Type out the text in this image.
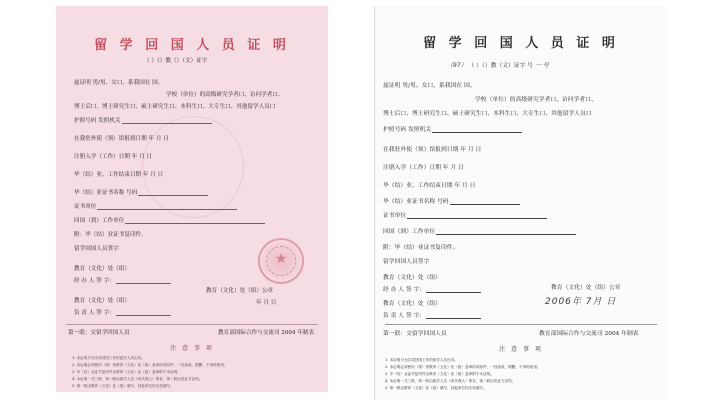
留 学 回 国 人 员 证 明
（ ）（）教（）（文）证字
兹证明 男/男、女口、系我国在 国、
学校（单位）的高级研究学者口、访问学者口、
博士后口、博士研究生口、硕士研究生口、本科生口、大专生口、其他留学人员口
护照号码 发照机关
在我驻外使（领）馆报到日期 年 月 日
注册入学（工作）日期 年 月 日
毕（结）业、工作结束日期 年 月 日
毕（结）业证书名称 号码
证书单位
回国（到）工作单位
附：毕（结）业证书复印件。
留学回国人员签字
教育（文化）处（组）
经 办 人 签 字：
教育（文化）处（组）公章
教育（文化）处（组）	年 月 日
负 责 人 签 字：
★
第一联：交留学回国人员	教育部国际合作与交流司 2004 年制表
注 意 事 项
1. 本证明只为学成回国工作的留学人员出具。
2. 本证明必须使用（领）馆教育（文化）处（组）盖章的或原件，一经涂改、增删，不得再使用。
3. 毕（结）业证书复印件由教育（文化）处（组）盖章附于本证明。
4. 本证明一式三联，第一联由留学人员（或代理人）保存，第二联由发证方存档。
5. 第一联由教育（文化）处（组）填写，其他单位均无权填写。
留 学 回 国 人 员 证 明
（97） （ ）（）教（文）证字 号 一 号
兹证明 男/男、女口、系我国在 国、
学校（单位）的高级研究学者口、访问学者口、
博士后口、博士研究生口、硕士研究生口、本科生口、大专生口、其他留学人员口
护照号码 发照机关
在我驻外使（领）馆报到日期 年 月 日
注册入学（工作）日期 年 月 日
毕（结）业、工作结束日期 年 月 日
毕（结）业证书名称 号码
证书单位
回国（到）工作单位
附：毕（结）业证书复印件。
留学回国人员签字
教育（文化）处（组）
经 办 人 签 字：	教育（文化）处（组）公章
教育（文化）处（组）
负 责 人 签 字：
2006年 7月 日
第一联：交留学回国人员	教育部国际合作与交流司 2004 年制表
注 意 事 项
1. 本证明只为学成回国工作的留学人员出具。
2. 本证明必须使用（领）馆教育（文化）处（组）盖章的或原件，一经涂改、增删，不得再使用。
3. 毕（结）业证书复印件由教育（文化）处（组）盖章附于本证明。
4. 本证明一式三联，第一联由留学人员（或代理人）保存，第二联由发证方存档。
5. 第一联由教育（文化）处（组）填写，其他单位均无权填写。
